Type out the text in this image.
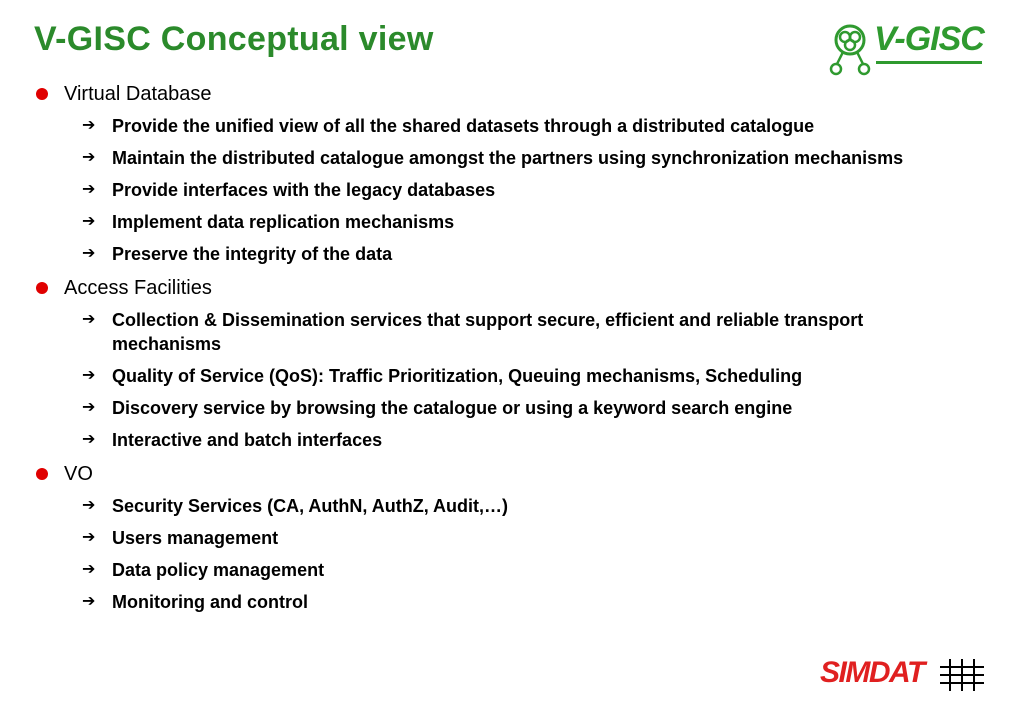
V-GISC Conceptual view	V-GISC
Virtual Database
➔ Provide the unified view of all the shared datasets through a distributed catalogue
➔ Maintain the distributed catalogue amongst the partners using synchronization mechanisms
➔ Provide interfaces with the legacy databases
➔ Implement data replication mechanisms
➔ Preserve the integrity of the data
Access Facilities
➔ Collection & Dissemination services that support secure, efficient and reliable transport mechanisms
➔ Quality of Service (QoS): Traffic Prioritization, Queuing mechanisms, Scheduling
➔ Discovery service by browsing the catalogue or using a keyword search engine
➔ Interactive and batch interfaces
VO
➔ Security Services (CA, AuthN, AuthZ, Audit,…)
➔ Users management
➔ Data policy management
➔ Monitoring and control
SIMDAT
